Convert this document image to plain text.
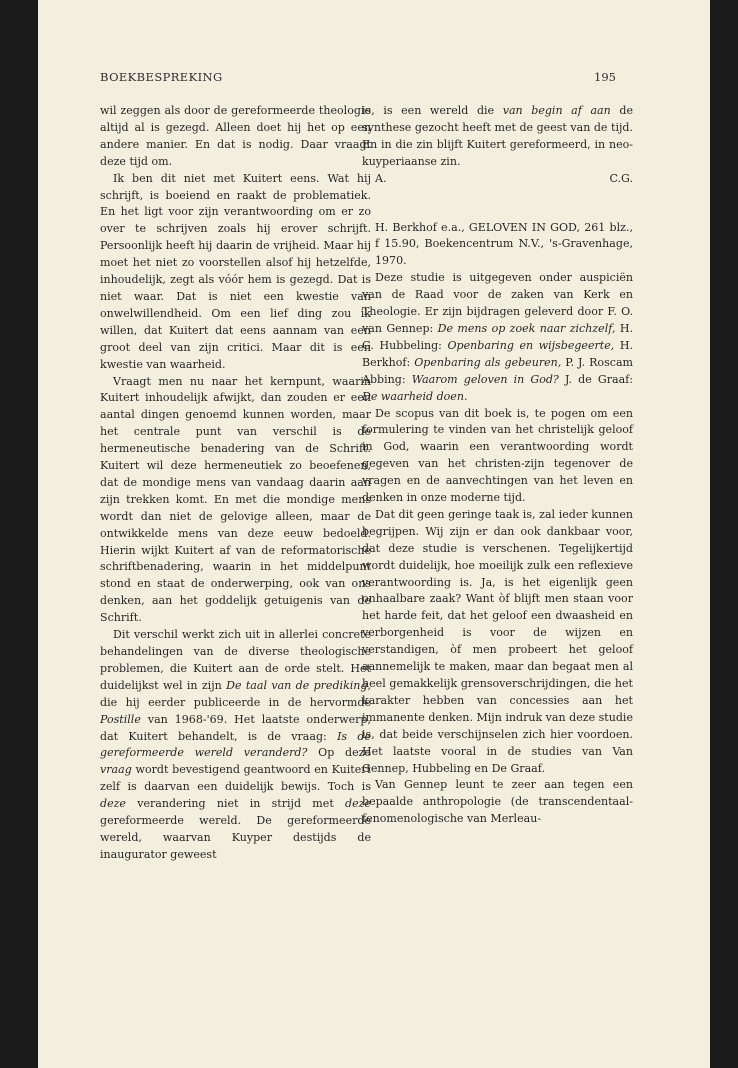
BOEKBESPREKING	195

wil zeggen als door de gereformeerde theologie altijd al is gezegd. Alleen doet hij het op een andere manier. En dat is nodig. Daar vraagt deze tijd om.

Ik ben dit niet met Kuitert eens. Wat hij schrijft, is boeiend en raakt de problematiek. En het ligt voor zijn verantwoording om er zo over te schrijven zoals hij erover schrijft. Persoonlijk heeft hij daarin de vrijheid. Maar hij moet het niet zo voorstellen alsof hij hetzelfde, inhoudelijk, zegt als vóór hem is gezegd. Dat is niet waar. Dat is niet een kwestie van onwelwillendheid. Om een lief ding zou ik willen, dat Kuitert dat eens aannam van een groot deel van zijn critici. Maar dit is een kwestie van waarheid.

Vraagt men nu naar het kernpunt, waarin Kuitert inhoudelijk afwijkt, dan zouden er een aantal dingen genoemd kunnen worden, maar het centrale punt van verschil is de hermeneutische benadering van de Schrift. Kuitert wil deze hermeneutiek zo beoefenen, dat de mondige mens van vandaag daarin aan zijn trekken komt. En met die mondige mens wordt dan niet de gelovige alleen, maar de ontwikkelde mens van deze eeuw bedoeld. Hierin wijkt Kuitert af van de reformatorische schriftbenadering, waarin in het middelpunt stond en staat de onderwerping, ook van ons denken, aan het goddelijk getuigenis van de Schrift.

Dit verschil werkt zich uit in allerlei concrete behandelingen van de diverse theologische problemen, die Kuitert aan de orde stelt. Het duidelijkst wel in zijn De taal van de prediking, die hij eerder publiceerde in de hervormde Postille van 1968-'69. Het laatste onderwerp, dat Kuitert behandelt, is de vraag: Is de gereformeerde wereld veranderd? Op deze vraag wordt bevestigend geantwoord en Kuitert zelf is daarvan een duidelijk bewijs. Toch is deze verandering niet in strijd met deze gereformeerde wereld. De gereformeerde wereld, waarvan Kuyper destijds de inaugurator geweest

is, is een wereld die van begin af aan de synthese gezocht heeft met de geest van de tijd. En in die zin blijft Kuitert gereformeerd, in neo-kuyperiaanse zin.

A.	C.G.

H. Berkhof e.a., GELOVEN IN GOD, 261 blz., f 15.90, Boekencentrum N.V., 's-Gravenhage, 1970.

Deze studie is uitgegeven onder auspiciën van de Raad voor de zaken van Kerk en Theologie. Er zijn bijdragen geleverd door F. O. van Gennep: De mens op zoek naar zichzelf, H. G. Hubbeling: Openbaring en wijsbegeerte, H. Berkhof: Openbaring als gebeuren, P. J. Roscam Abbing: Waarom geloven in God? J. de Graaf: De waarheid doen.

De scopus van dit boek is, te pogen om een formulering te vinden van het christelijk geloof in God, waarin een verantwoording wordt gegeven van het christen-zijn tegenover de vragen en de aanvechtingen van het leven en denken in onze moderne tijd.

Dat dit geen geringe taak is, zal ieder kunnen begrijpen. Wij zijn er dan ook dankbaar voor, dat deze studie is verschenen. Tegelijkertijd wordt duidelijk, hoe moeilijk zulk een reflexieve verantwoording is. Ja, is het eigenlijk geen onhaalbare zaak? Want òf blijft men staan voor het harde feit, dat het geloof een dwaasheid en verborgenheid is voor de wijzen en verstandigen, òf men probeert het geloof aannemelijk te maken, maar dan begaat men al heel gemakkelijk grensoverschrijdingen, die het karakter hebben van concessies aan het immanente denken. Mijn indruk van deze studie is, dat beide verschijnselen zich hier voordoen. Het laatste vooral in de studies van Van Gennep, Hubbeling en De Graaf.

Van Gennep leunt te zeer aan tegen een bepaalde anthropologie (de transcendentaal-fenomenologische van Merleau-
